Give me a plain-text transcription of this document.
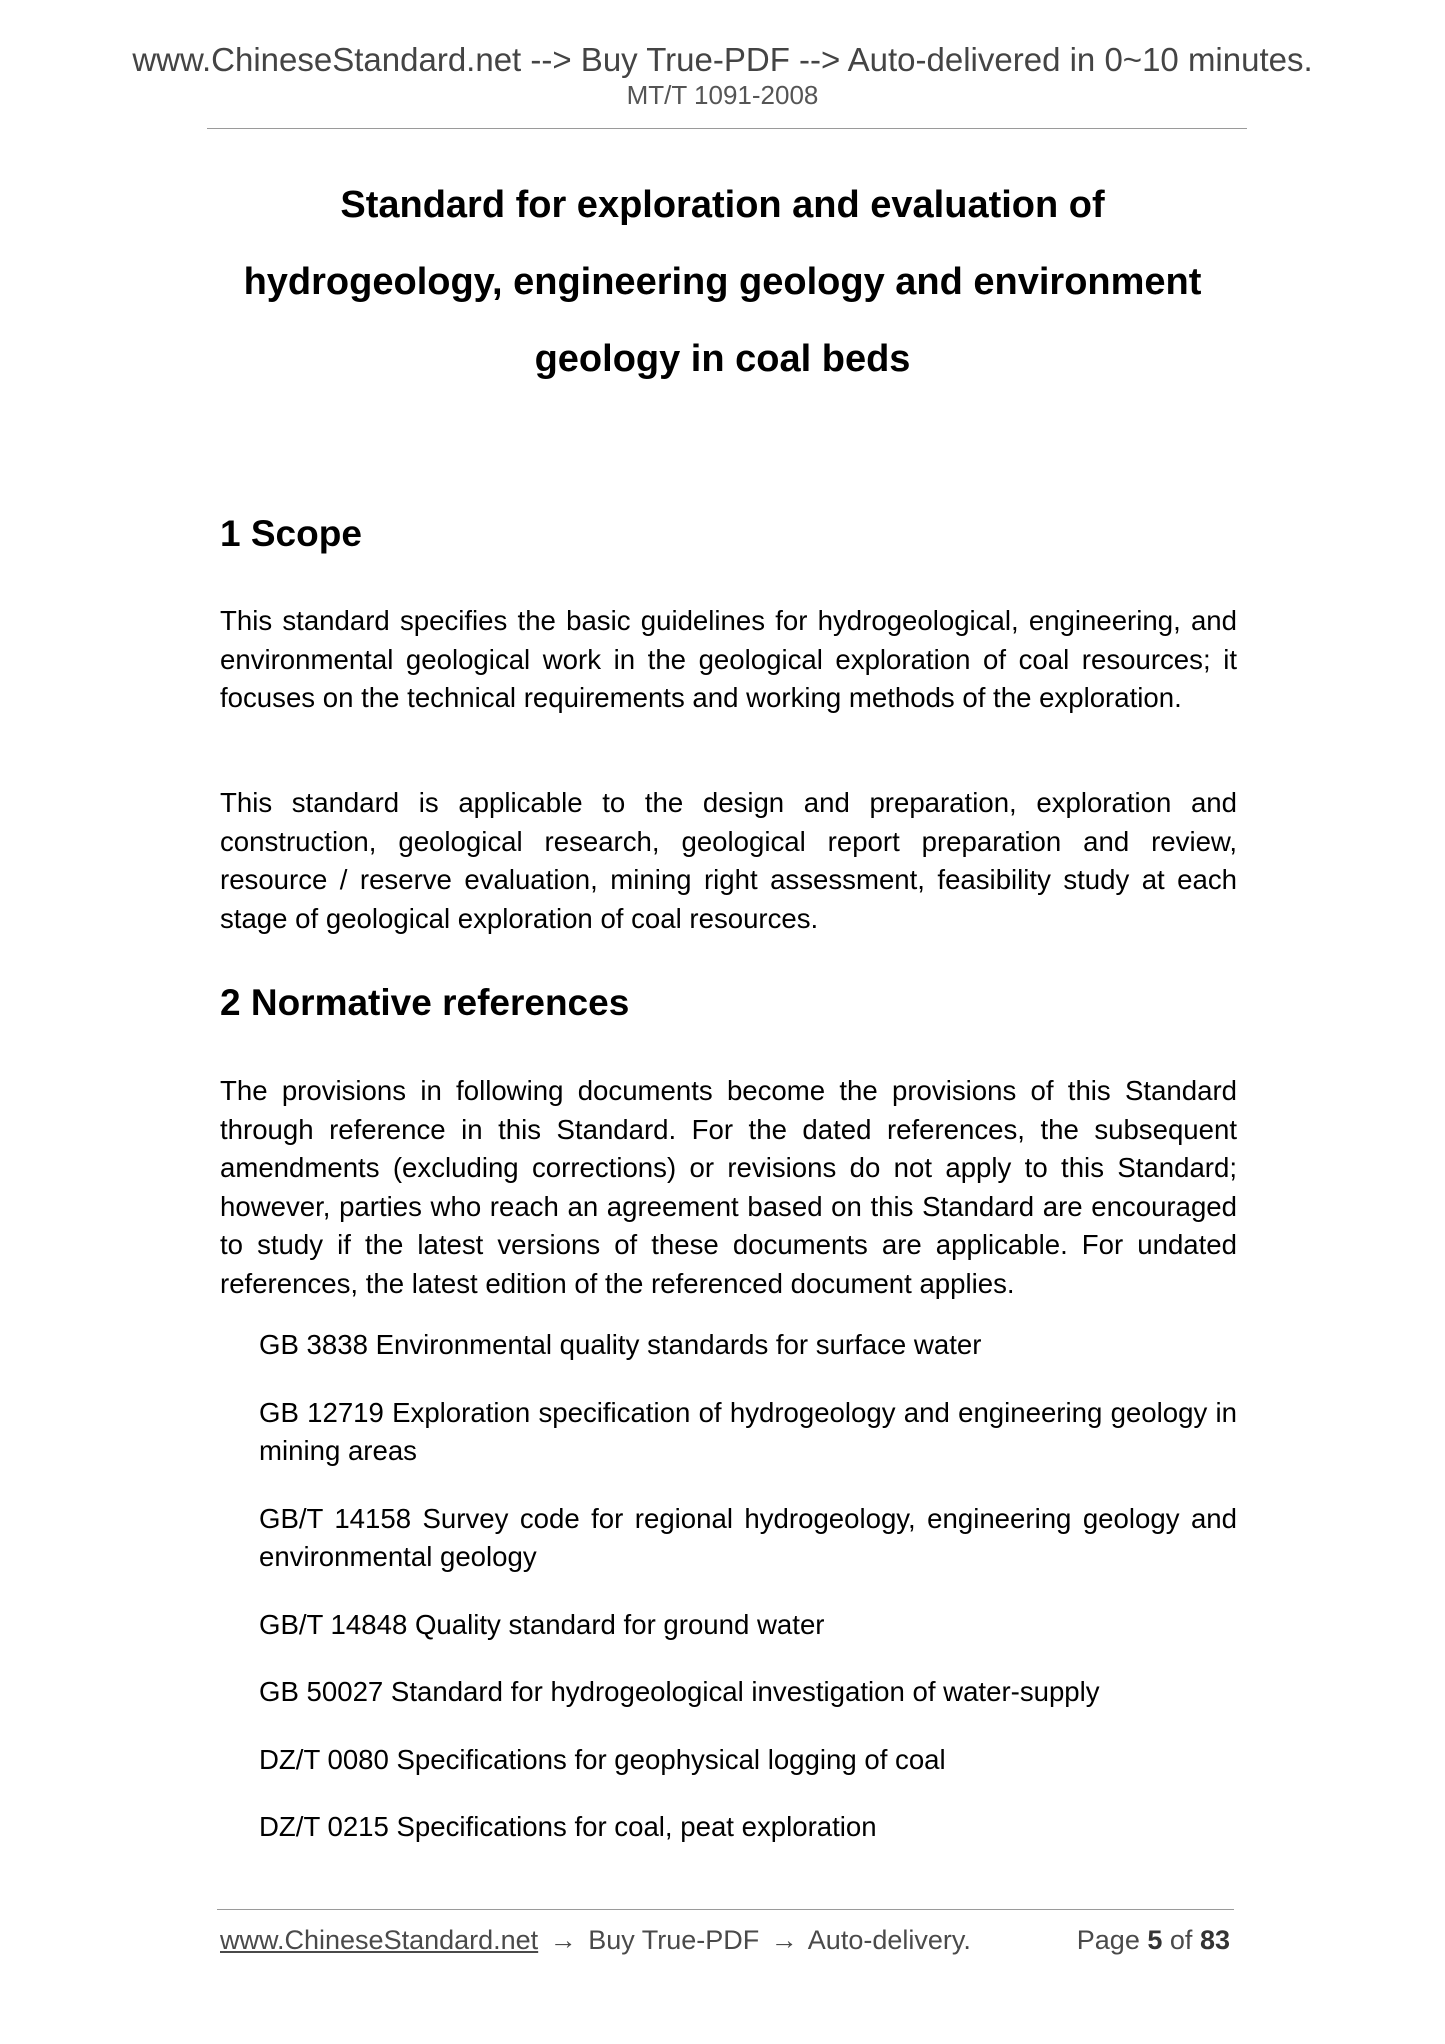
www.ChineseStandard.net --> Buy True-PDF --> Auto-delivered in 0~10 minutes.
MT/T 1091-2008
Standard for exploration and evaluation of
hydrogeology, engineering geology and environment
geology in coal beds
1 Scope

This standard specifies the basic guidelines for hydrogeological, engineering, and environmental geological work in the geological exploration of coal resources; it focuses on the technical requirements and working methods of the exploration.

This standard is applicable to the design and preparation, exploration and construction, geological research, geological report preparation and review, resource / reserve evaluation, mining right assessment, feasibility study at each stage of geological exploration of coal resources.

2 Normative references

The provisions in following documents become the provisions of this Standard through reference in this Standard. For the dated references, the subsequent amendments (excluding corrections) or revisions do not apply to this Standard; however, parties who reach an agreement based on this Standard are encouraged to study if the latest versions of these documents are applicable. For undated references, the latest edition of the referenced document applies.

GB 3838 Environmental quality standards for surface water
GB 12719 Exploration specification of hydrogeology and engineering geology in mining areas
GB/T 14158 Survey code for regional hydrogeology, engineering geology and environmental geology
GB/T 14848 Quality standard for ground water
GB 50027 Standard for hydrogeological investigation of water-supply
DZ/T 0080 Specifications for geophysical logging of coal
DZ/T 0215 Specifications for coal, peat exploration
www.ChineseStandard.net → Buy True-PDF → Auto-delivery.	Page 5 of 83
